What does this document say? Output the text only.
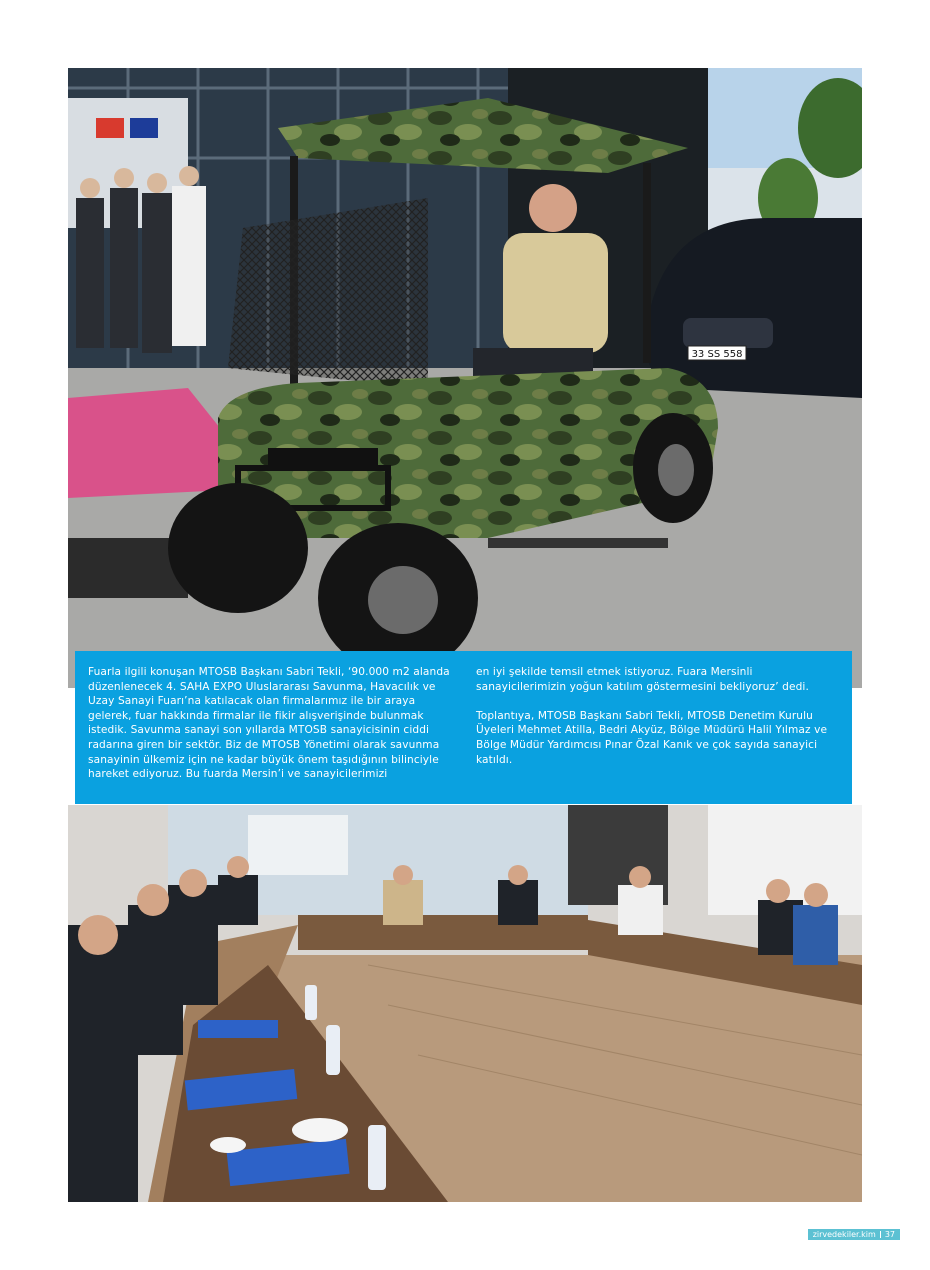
33 SS 558

Fuarla ilgili konuşan MTOSB Başkanı Sabri Tekli, ‘90.000 m2 alanda düzenlenecek 4. SAHA EXPO Uluslararası Savunma, Havacılık ve Uzay Sanayi Fuarı’na katılacak olan firmalarımız ile bir araya gelerek, fuar hakkında firmalar ile fikir alışverişinde bulunmak istedik. Savunma sanayi son yıllarda MTOSB sanayicisinin ciddi radarına giren bir sektör. Biz de MTOSB Yönetimi olarak savunma sanayinin ülkemiz için ne kadar büyük önem taşıdığının bilinciyle hareket ediyoruz. Bu fuarda Mersin’i ve sanayicilerimizi

en iyi şekilde temsil etmek istiyoruz. Fuara Mersinli sanayicilerimizin yoğun katılım göstermesini bekliyoruz’ dedi.

Toplantıya, MTOSB Başkanı Sabri Tekli, MTOSB Denetim Kurulu Üyeleri Mehmet Atilla, Bedri Akyüz, Bölge Müdürü Halil Yılmaz ve Bölge Müdür Yardımcısı Pınar Özal Kanık ve çok sayıda sanayici katıldı.

zirvedekiler.kim 37
